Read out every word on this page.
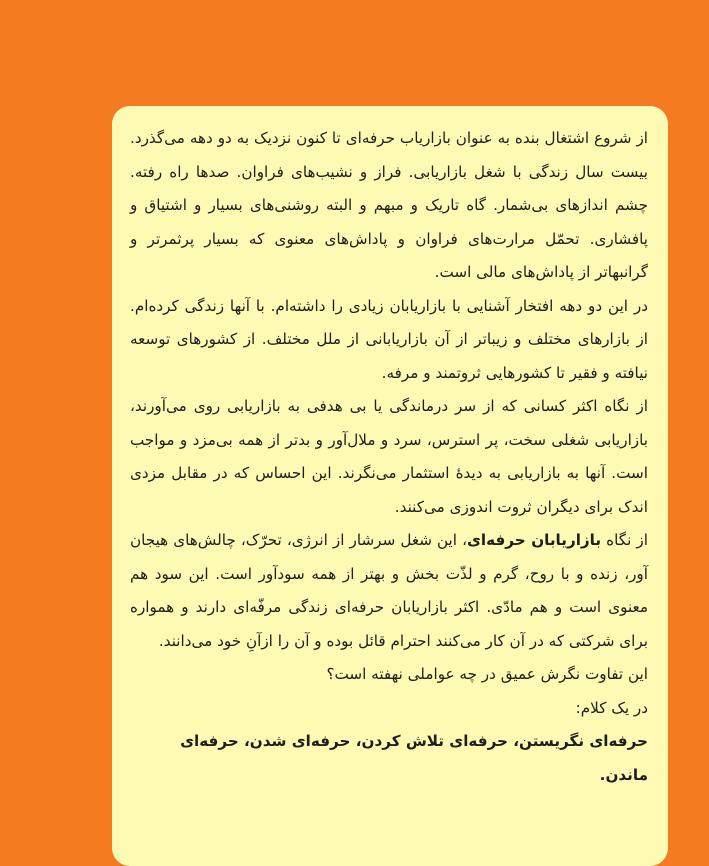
از شروع اشتغال بنده به عنوان بازاریاب حرفه‌ای تا کنون نزدیک به دو دهه می‌گذرد. بیست سال زندگی با شغل بازاریابی. فراز و نشیب‌های فراوان. صدها راه رفته. چشم اندازهای بی‌شمار. گاه تاریک و مبهم و البته روشنی‌های بسیار و اشتیاق و پافشاری. تحمّل مرارت‌های فراوان و پاداش‌های معنوی که بسیار پرثمرتر و گرانبهاتر از پاداش‌های مالی است.

در این دو دهه افتخار آشنایی با بازاریابان زیادی را داشته‌ام. با آنها زندگی کرده‌ام. از بازارهای مختلف و زیباتر از آن بازاریابانی از ملل مختلف. از کشورهای توسعه نیافته و فقیر تا کشورهایی ثروتمند و مرفه.

از نگاه اکثر کسانی که از سر درماندگی یا بی هدفی به بازاریابی روی می‌آورند، بازاریابی شغلی سخت، پر استرس، سرد و ملال‌آور و بدتر از همه بی‌مزد و مواجب است. آنها به بازاریابی به دیدهٔ استثمار می‌نگرند. این احساس که در مقابل مزدی اندک برای دیگران ثروت اندوزی می‌کنند.

از نگاه بازاریابان حرفه‌ای، این شغل سرشار از انرژی، تحرّک، چالش‌های هیجان آور، زنده و با روح، گرم و لذّت بخش و بهتر از همه سودآور است. این سود هم معنوی است و هم مادّی. اکثر بازاریابان حرفه‌ای زندگی مرفّه‌ای دارند و همواره برای شرکتی که در آن کار می‌کنند احترام قائل بوده و آن را ازآنِ خود می‌دانند.

این تفاوت نگرش عمیق در چه عواملی نهفته است؟

در یک کلام:

حرفه‌ای نگریستن، حرفه‌ای تلاش کردن، حرفه‌ای شدن، حرفه‌ای ماندن.
